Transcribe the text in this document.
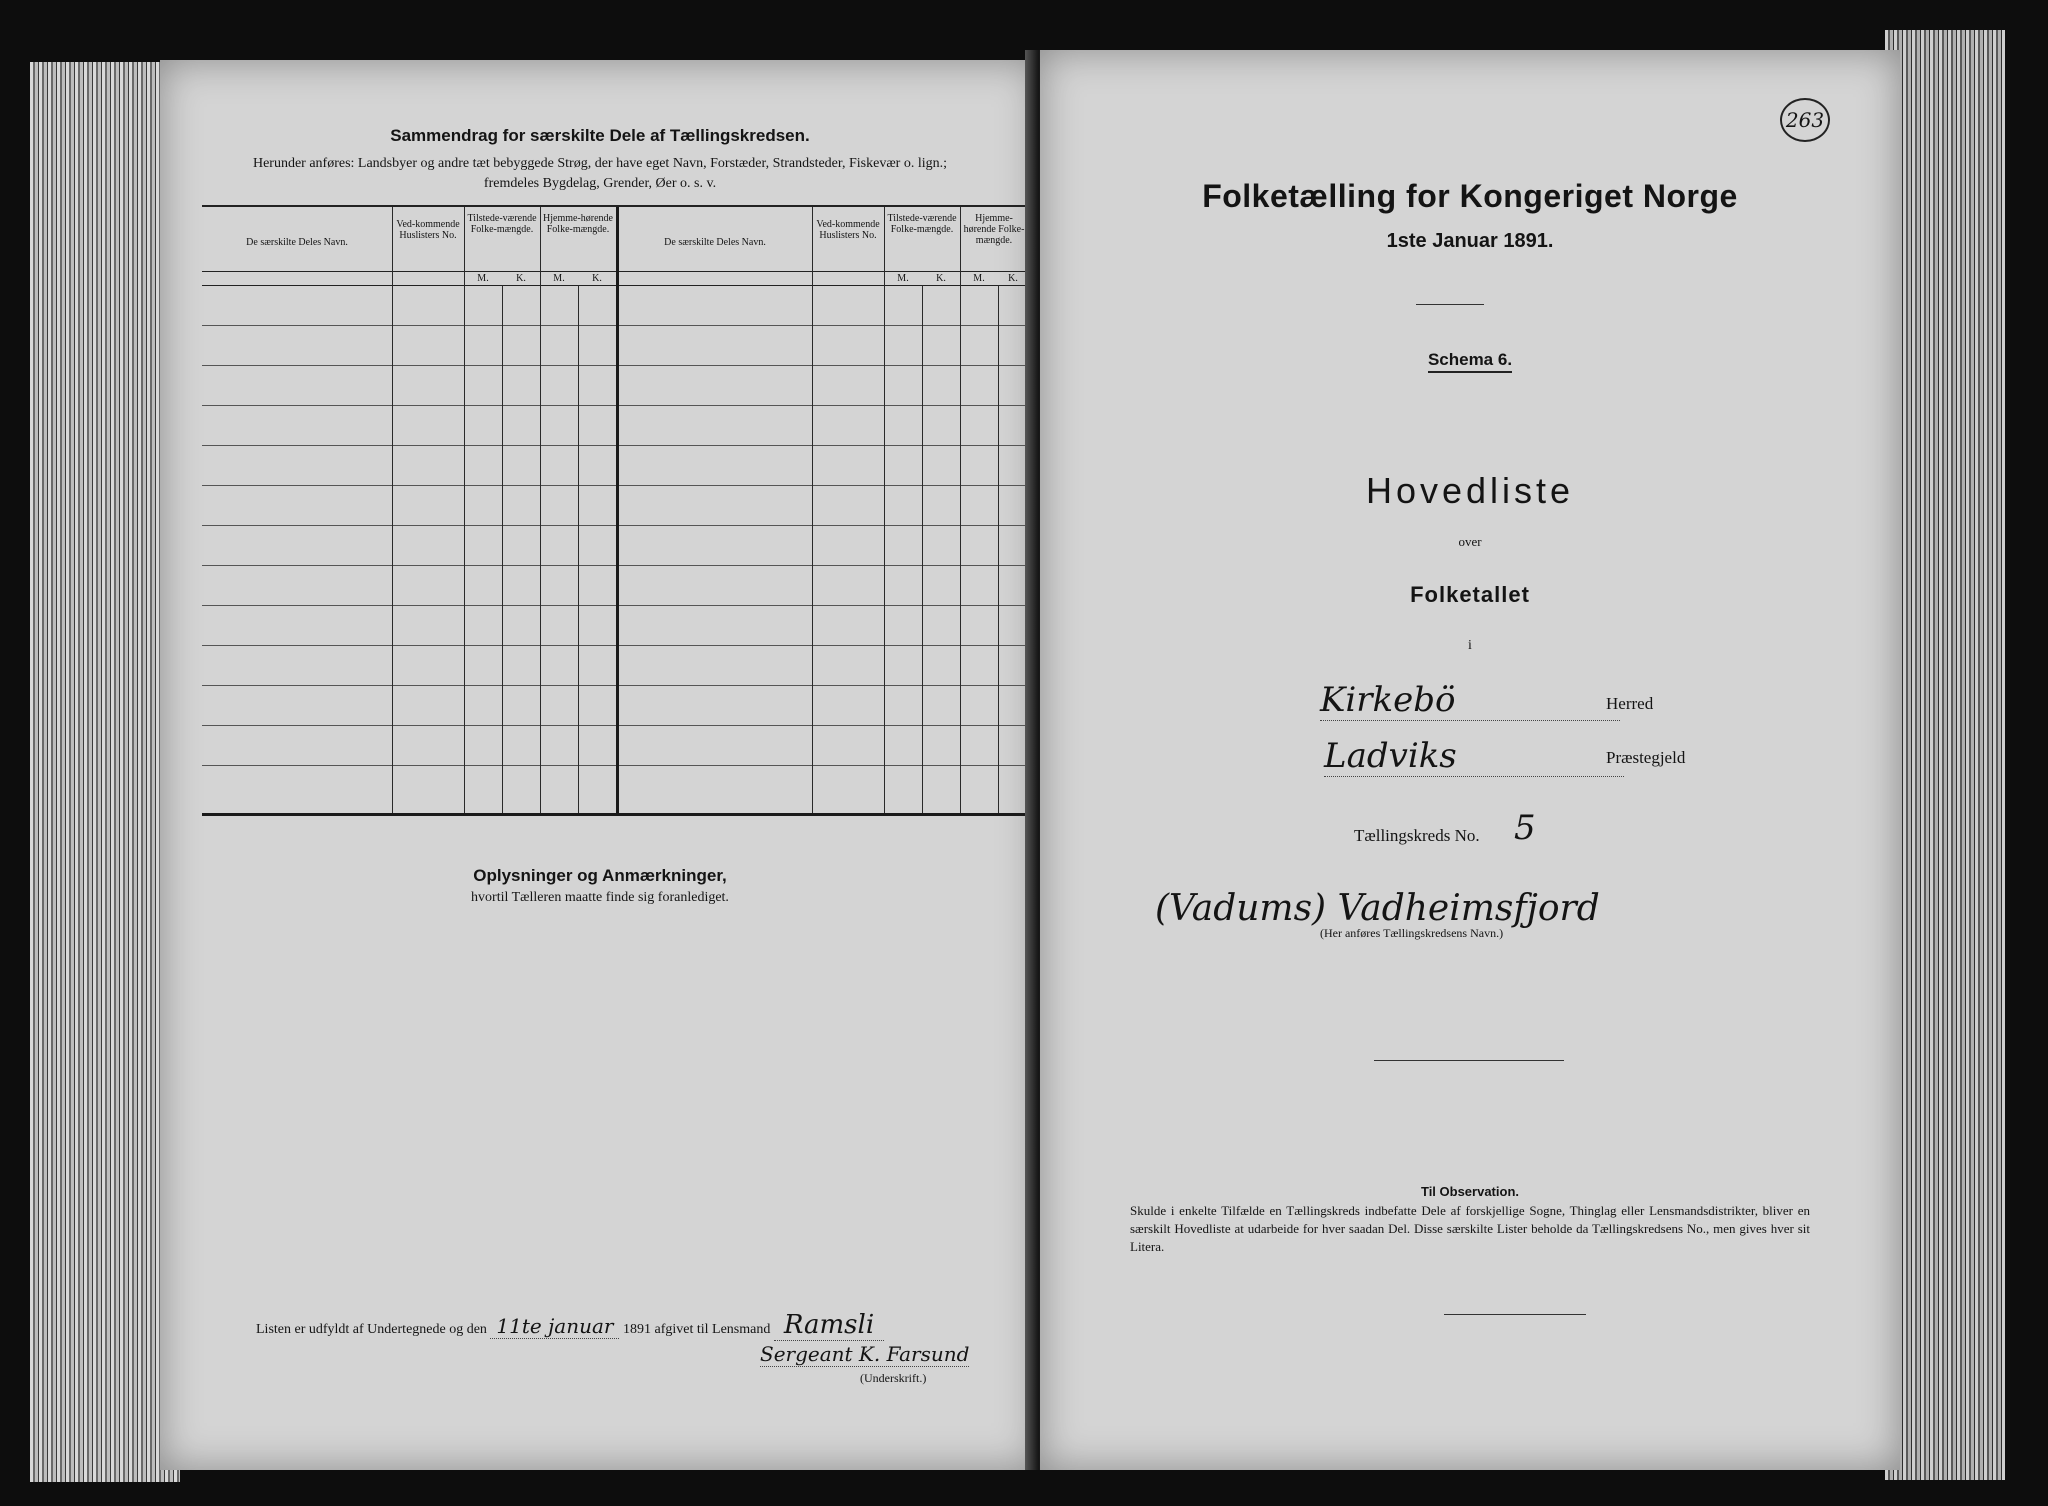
Sammendrag for særskilte Dele af Tællingskredsen.
Herunder anføres: Landsbyer og andre tæt bebyggede Strøg, der have eget Navn, Forstæder, Strandsteder, Fiskevær o. lign.;
fremdeles Bygdelag, Grender, Øer o. s. v.
De særskilte Deles Navn.
Ved-kommende Huslisters No.
Tilstede-værende Folke-mængde.
Hjemme-hørende Folke-mængde.
M.	K.	M.	K.
De særskilte Deles Navn.
Ved-kommende Huslisters No.
Tilstede-værende Folke-mængde.
Hjemme-hørende Folke-mængde.
M.	K.	M.	K.
Oplysninger og Anmærkninger,
hvortil Tælleren maatte finde sig foranlediget.
Listen er udfyldt af Undertegnede og den 11te januar 1891 afgivet til Lensmand Ramsli
Sergeant K. Farsund
(Underskrift.)
263
Folketælling for Kongeriget Norge
1ste Januar 1891.
Schema 6.
Hovedliste
over
Folketallet
i
Kirkebö	Herred
Ladviks	Præstegjeld
Tællingskreds No. 5
(Vadums) Vadheimsfjord
(Her anføres Tællingskredsens Navn.)
Til Observation.
Skulde i enkelte Tilfælde en Tællingskreds indbefatte Dele af forskjellige Sogne, Thinglag eller Lensmandsdistrikter, bliver en særskilt Hovedliste at udarbeide for hver saadan Del. Disse særskilte Lister beholde da Tællingskredsens No., men gives hver sit Litera.
